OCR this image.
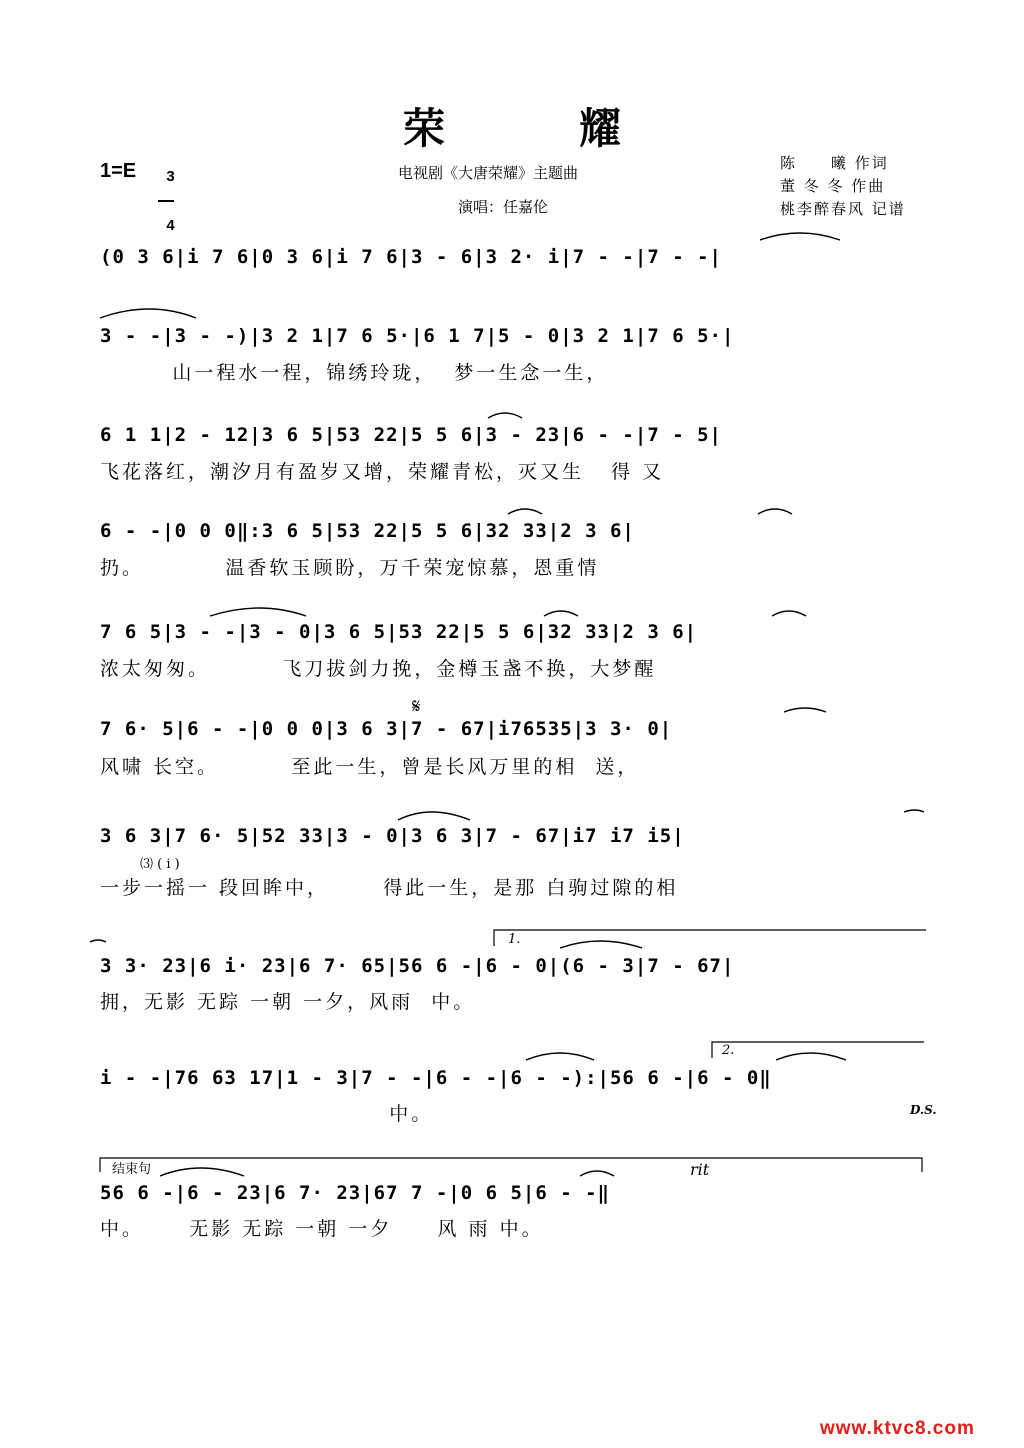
荣　耀
1=E	3

4

电视剧《大唐荣耀》主题曲
演唱：任嘉伦
陈　　曦 作词
董 冬 冬 作曲
桃李醉春风 记谱
(0 3 6|i 7 6|0 3 6|i 7 6|3 - 6|3 2· i|7 - -|7 - -|
3 - -|3 - -)|3 2 1|7 6 5·|6 1 7|5 - 0|3 2 1|7 6 5·|
山一程水一程，锦绣玲珑，  梦一生念一生，
6 1 1|2 - 12|3 6 5|53 22|5 5 6|3 - 23|6 - -|7 - 5|
飞花落红，潮汐月有盈岁又增，荣耀青松，灭又生   得 又
6 - -|0 0 0‖:3 6 5|53 22|5 5 6|32 33|2 3 6|
扔。         温香软玉顾盼，万千荣宠惊慕，恩重情
7 6 5|3 - -|3 - 0|3 6 5|53 22|5 5 6|32 33|2 3 6|
浓太匆匆。        飞刀拔剑力挽，金樽玉盏不换，大梦醒
𝄋
7 6· 5|6 - -|0 0 0|3 6 3|7 - 67|i76535|3 3· 0|
风啸 长空。        至此一生，曾是长风万里的相  送，
3 6 3|7 6· 5|52 33|3 - 0|3 6 3|7 - 67|i7 i7 i5|
⑶ ( i )
一步一摇一 段回眸中，      得此一生，是那 白驹过隙的相
1.
3 3· 23|6 i· 23|6 7· 65|56 6 -|6 - 0|(6 - 3|7 - 67|
拥，无影 无踪 一朝 一夕，风雨  中。
2.
i - -|76 63 17|1 - 3|7 - -|6 - -|6 - -):|56 6 -|6 - 0‖
中。	D.S.
结束句	rit
56 6 -|6 - 23|6 7· 23|67 7 -|0 6 5|6 - -‖
中。     无影 无踪 一朝 一夕     风 雨 中。
www.ktvc8.com
